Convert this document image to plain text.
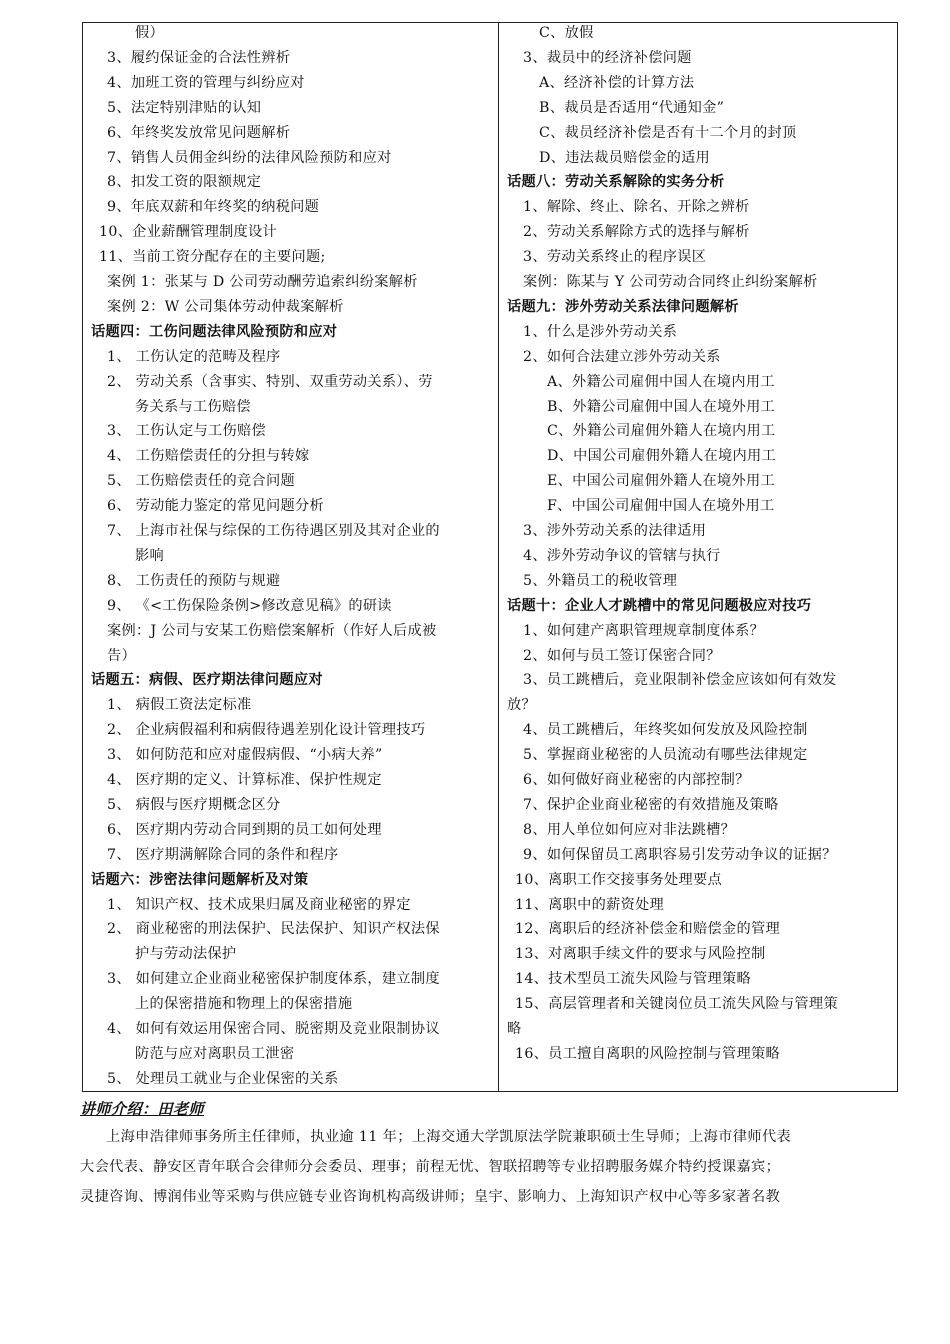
假）
3、履约保证金的合法性辨析
4、加班工资的管理与纠纷应对
5、法定特别津贴的认知
6、年终奖发放常见问题解析
7、销售人员佣金纠纷的法律风险预防和应对
8、扣发工资的限额规定
9、年底双薪和年终奖的纳税问题
10、企业薪酬管理制度设计
11、当前工资分配存在的主要问题;
案例 1：张某与 D 公司劳动酬劳追索纠纷案解析
案例 2：W 公司集体劳动仲裁案解析
话题四：工伤问题法律风险预防和应对
1、 工伤认定的范畴及程序
2、 劳动关系（含事实、特别、双重劳动关系）、劳
务关系与工伤赔偿
3、 工伤认定与工伤赔偿
4、 工伤赔偿责任的分担与转嫁
5、 工伤赔偿责任的竞合问题
6、 劳动能力鉴定的常见问题分析
7、 上海市社保与综保的工伤待遇区别及其对企业的
影响
8、 工伤责任的预防与规避
9、 《<工伤保险条例>修改意见稿》的研读
案例：J 公司与安某工伤赔偿案解析（作好人后成被
告）
话题五：病假、医疗期法律问题应对
1、 病假工资法定标准
2、 企业病假福利和病假待遇差别化设计管理技巧
3、 如何防范和应对虚假病假、“小病大养”
4、 医疗期的定义、计算标准、保护性规定
5、 病假与医疗期概念区分
6、 医疗期内劳动合同到期的员工如何处理
7、 医疗期满解除合同的条件和程序
话题六：涉密法律问题解析及对策
1、 知识产权、技术成果归属及商业秘密的界定
2、 商业秘密的刑法保护、民法保护、知识产权法保
护与劳动法保护
3、 如何建立企业商业秘密保护制度体系，建立制度
上的保密措施和物理上的保密措施
4、 如何有效运用保密合同、脱密期及竞业限制协议
防范与应对离职员工泄密
5、 处理员工就业与企业保密的关系
C、放假
3、裁员中的经济补偿问题
A、经济补偿的计算方法
B、裁员是否适用“代通知金”
C、裁员经济补偿是否有十二个月的封顶
D、违法裁员赔偿金的适用
话题八：劳动关系解除的实务分析
1、解除、终止、除名、开除之辨析
2、劳动关系解除方式的选择与解析
3、劳动关系终止的程序误区
案例：陈某与 Y 公司劳动合同终止纠纷案解析
话题九：涉外劳动关系法律问题解析
1、什么是涉外劳动关系
2、如何合法建立涉外劳动关系
A、外籍公司雇佣中国人在境内用工
B、外籍公司雇佣中国人在境外用工
C、外籍公司雇佣外籍人在境内用工
D、中国公司雇佣外籍人在境内用工
E、中国公司雇佣外籍人在境外用工
F、中国公司雇佣中国人在境外用工
3、涉外劳动关系的法律适用
4、涉外劳动争议的管辖与执行
5、外籍员工的税收管理
话题十：企业人才跳槽中的常见问题极应对技巧
1、如何建产离职管理规章制度体系？
2、如何与员工签订保密合同？
3、员工跳槽后，竞业限制补偿金应该如何有效发
放？
4、员工跳槽后，年终奖如何发放及风险控制
5、掌握商业秘密的人员流动有哪些法律规定
6、如何做好商业秘密的内部控制？
7、保护企业商业秘密的有效措施及策略
8、用人单位如何应对非法跳槽？
9、如何保留员工离职容易引发劳动争议的证据？
10、离职工作交接事务处理要点
11、离职中的薪资处理
12、离职后的经济补偿金和赔偿金的管理
13、对离职手续文件的要求与风险控制
14、技术型员工流失风险与管理策略
15、高层管理者和关键岗位员工流失风险与管理策
略
16、员工擅自离职的风险控制与管理策略
讲师介绍：田老师
上海申浩律师事务所主任律师，执业逾 11 年；上海交通大学凯原法学院兼职硕士生导师；上海市律师代表
大会代表、静安区青年联合会律师分会委员、理事；前程无忧、智联招聘等专业招聘服务媒介特约授课嘉宾；
灵捷咨询、博润伟业等采购与供应链专业咨询机构高级讲师；皇宇、影响力、上海知识产权中心等多家著名教
